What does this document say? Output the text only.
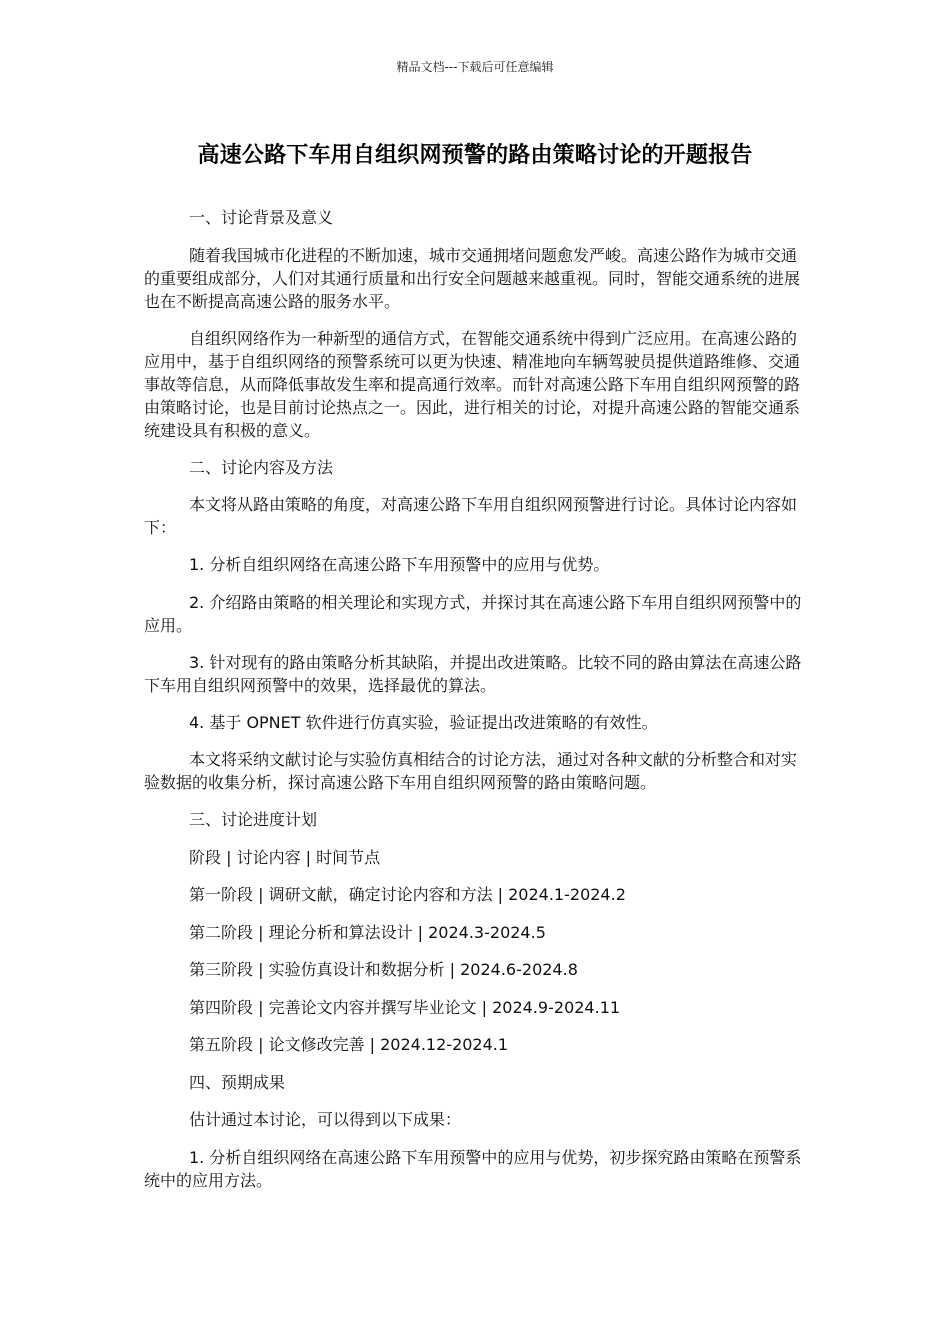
精品文档---下载后可任意编辑
高速公路下车用自组织网预警的路由策略讨论的开题报告
一、讨论背景及意义
随着我国城市化进程的不断加速，城市交通拥堵问题愈发严峻。高速公路作为城市交通的重要组成部分，人们对其通行质量和出行安全问题越来越重视。同时，智能交通系统的进展也在不断提高高速公路的服务水平。
自组织网络作为一种新型的通信方式，在智能交通系统中得到广泛应用。在高速公路的应用中，基于自组织网络的预警系统可以更为快速、精准地向车辆驾驶员提供道路维修、交通事故等信息，从而降低事故发生率和提高通行效率。而针对高速公路下车用自组织网预警的路由策略讨论，也是目前讨论热点之一。因此，进行相关的讨论，对提升高速公路的智能交通系统建设具有积极的意义。
二、讨论内容及方法
本文将从路由策略的角度，对高速公路下车用自组织网预警进行讨论。具体讨论内容如下：
1. 分析自组织网络在高速公路下车用预警中的应用与优势。
2. 介绍路由策略的相关理论和实现方式，并探讨其在高速公路下车用自组织网预警中的应用。
3. 针对现有的路由策略分析其缺陷，并提出改进策略。比较不同的路由算法在高速公路下车用自组织网预警中的效果，选择最优的算法。
4. 基于 OPNET 软件进行仿真实验，验证提出改进策略的有效性。
本文将采纳文献讨论与实验仿真相结合的讨论方法，通过对各种文献的分析整合和对实验数据的收集分析，探讨高速公路下车用自组织网预警的路由策略问题。
三、讨论进度计划
阶段 | 讨论内容 | 时间节点
第一阶段 | 调研文献，确定讨论内容和方法 | 2024.1-2024.2
第二阶段 | 理论分析和算法设计 | 2024.3-2024.5
第三阶段 | 实验仿真设计和数据分析 | 2024.6-2024.8
第四阶段 | 完善论文内容并撰写毕业论文 | 2024.9-2024.11
第五阶段 | 论文修改完善 | 2024.12-2024.1
四、预期成果
估计通过本讨论，可以得到以下成果：
1. 分析自组织网络在高速公路下车用预警中的应用与优势，初步探究路由策略在预警系统中的应用方法。
